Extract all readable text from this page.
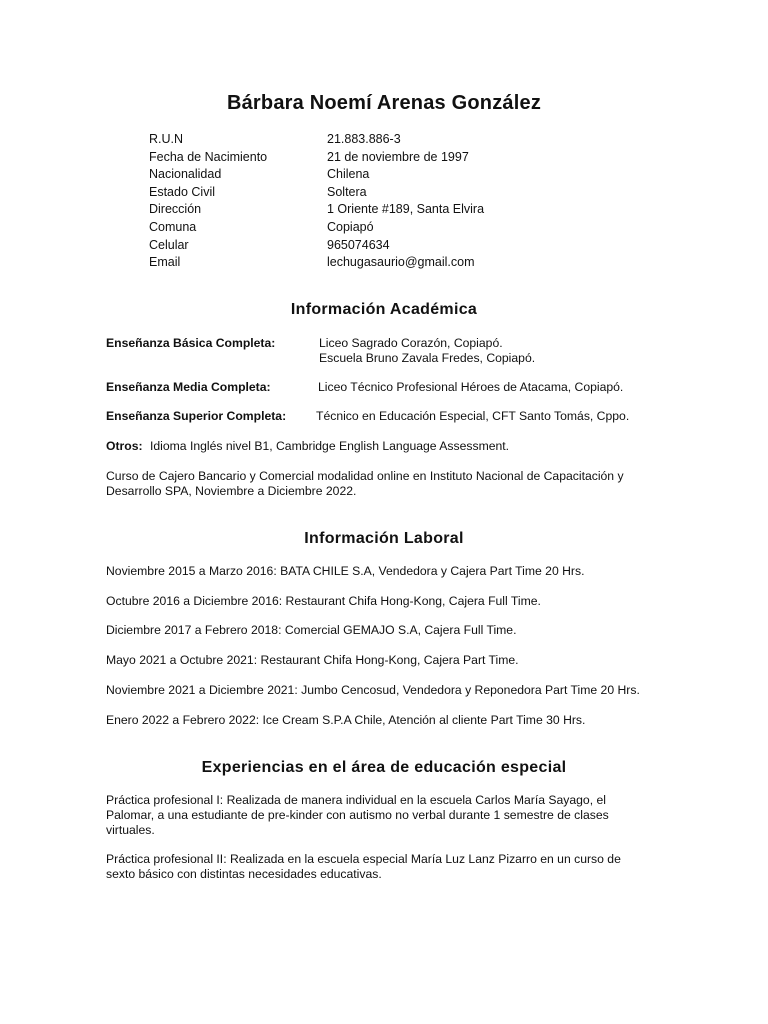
Bárbara Noemí Arenas González
R.U.N	21.883.886-3
Fecha de Nacimiento	21 de noviembre de 1997
Nacionalidad	Chilena
Estado Civil	Soltera
Dirección	1 Oriente #189, Santa Elvira
Comuna	Copiapó
Celular	965074634
Email	lechugasaurio@gmail.com
Información Académica
Enseñanza Básica Completa:	Liceo Sagrado Corazón, Copiapó.
Escuela Bruno Zavala Fredes, Copiapó.
Enseñanza Media Completa:	Liceo Técnico Profesional Héroes de Atacama, Copiapó.
Enseñanza Superior Completa: Técnico en Educación Especial, CFT Santo Tomás, Cppo.
Otros: Idioma Inglés nivel B1, Cambridge English Language Assessment.
Curso de Cajero Bancario y Comercial modalidad online en Instituto Nacional de Capacitación y Desarrollo SPA, Noviembre a Diciembre 2022.
Información Laboral
Noviembre 2015 a Marzo 2016: BATA CHILE S.A, Vendedora y Cajera Part Time 20 Hrs.
Octubre 2016 a Diciembre 2016: Restaurant Chifa Hong-Kong, Cajera Full Time.
Diciembre 2017 a Febrero 2018: Comercial GEMAJO S.A, Cajera Full Time.
Mayo 2021 a Octubre 2021: Restaurant Chifa Hong-Kong, Cajera Part Time.
Noviembre 2021 a Diciembre 2021: Jumbo Cencosud, Vendedora y Reponedora Part Time 20 Hrs.
Enero 2022 a Febrero 2022: Ice Cream S.P.A Chile, Atención al cliente Part Time 30 Hrs.
Experiencias en el área de educación especial
Práctica profesional I: Realizada de manera individual en la escuela Carlos María Sayago, el Palomar, a una estudiante de pre-kinder con autismo no verbal durante 1 semestre de clases virtuales.
Práctica profesional II: Realizada en la escuela especial María Luz Lanz Pizarro en un curso de sexto básico con distintas necesidades educativas.
